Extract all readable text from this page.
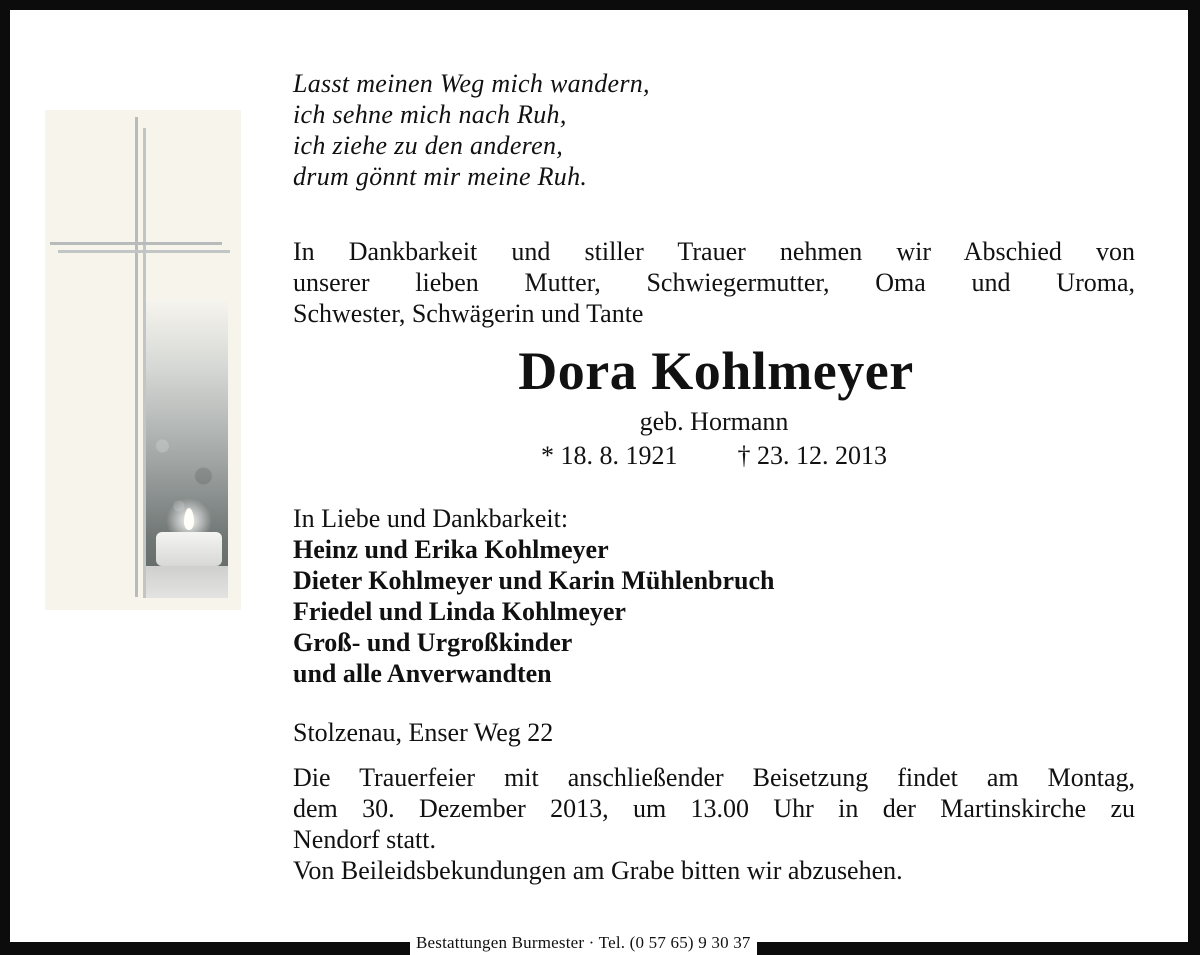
Lasst meinen Weg mich wandern,
ich sehne mich nach Ruh,
ich ziehe zu den anderen,
drum gönnt mir meine Ruh.
In Dankbarkeit und stiller Trauer nehmen wir Abschied von
unserer lieben Mutter, Schwiegermutter, Oma und Uroma,
Schwester, Schwägerin und Tante
Dora Kohlmeyer
geb. Hormann
* 18. 8. 1921 † 23. 12. 2013
In Liebe und Dankbarkeit:
Heinz und Erika Kohlmeyer
Dieter Kohlmeyer und Karin Mühlenbruch
Friedel und Linda Kohlmeyer
Groß- und Urgroßkinder
und alle Anverwandten
Stolzenau, Enser Weg 22
Die Trauerfeier mit anschließender Beisetzung findet am Montag,
dem 30. Dezember 2013, um 13.00 Uhr in der Martinskirche zu
Nendorf statt.
Von Beileidsbekundungen am Grabe bitten wir abzusehen.
Bestattungen Burmester · Tel. (0 57 65) 9 30 37
